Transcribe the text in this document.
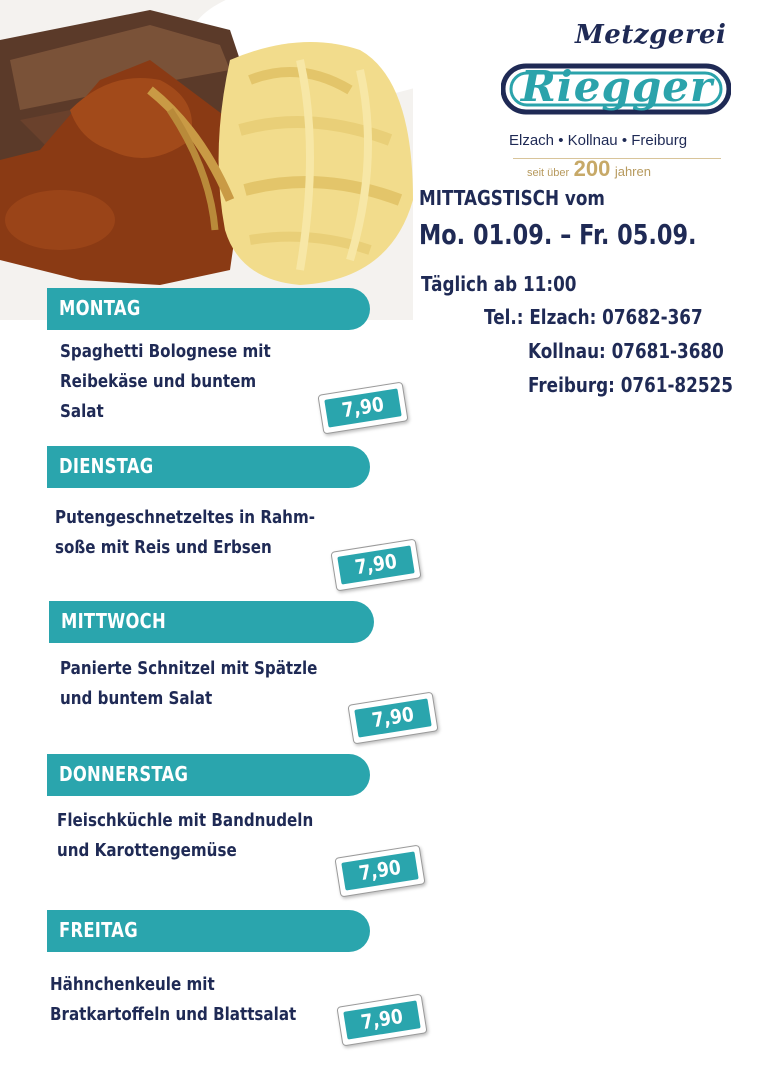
Metzgerei
Riegger
Elzach • Kollnau • Freiburg
seit über 200 jahren
MITTAGSTISCH vom
Mo. 01.09. – Fr. 05.09.
Täglich ab 11:00
Tel.: Elzach: 07682-367
Kollnau: 07681-3680
Freiburg: 0761-82525
MONTAG
Spaghetti Bolognese mit
Reibekäse und buntem
Salat	7,90
DIENSTAG
Putengeschnetzeltes in Rahm-
soße mit Reis und Erbsen
7,90
MITTWOCH
Panierte Schnitzel mit Spätzle
und buntem Salat
7,90
DONNERSTAG
Fleischküchle mit Bandnudeln
und Karottengemüse
7,90
FREITAG
Hähnchenkeule mit
Bratkartoffeln und Blattsalat	7,90
